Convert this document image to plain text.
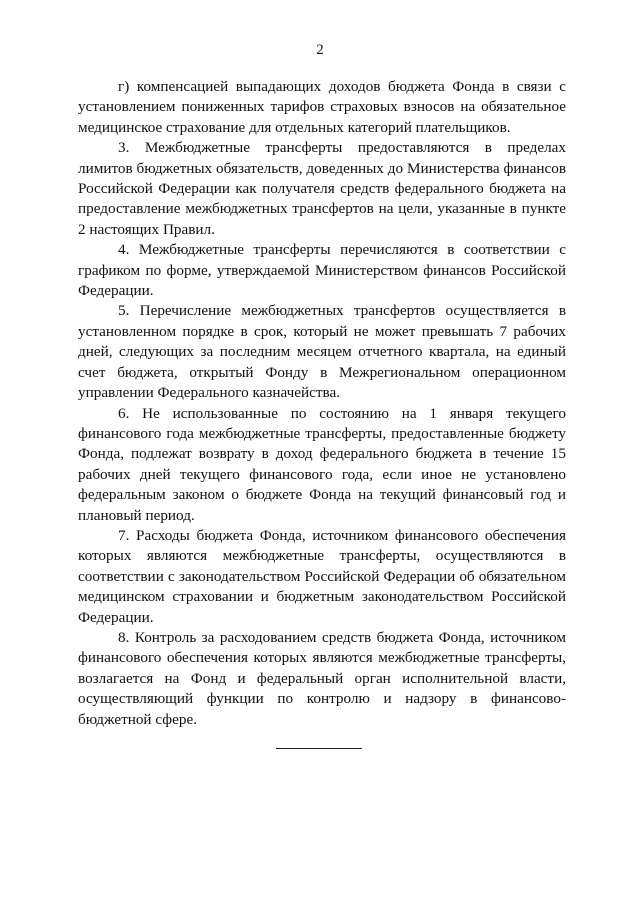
2

г) компенсацией выпадающих доходов бюджета Фонда в связи с установлением пониженных тарифов страховых взносов на обязательное медицинское страхование для отдельных категорий плательщиков.

3. Межбюджетные трансферты предоставляются в пределах лимитов бюджетных обязательств, доведенных до Министерства финансов Российской Федерации как получателя средств федерального бюджета на предоставление межбюджетных трансфертов на цели, указанные в пункте 2 настоящих Правил.

4. Межбюджетные трансферты перечисляются в соответствии с графиком по форме, утверждаемой Министерством финансов Российской Федерации.

5. Перечисление межбюджетных трансфертов осуществляется в установленном порядке в срок, который не может превышать 7 рабочих дней, следующих за последним месяцем отчетного квартала, на единый счет бюджета, открытый Фонду в Межрегиональном операционном управлении Федерального казначейства.

6. Не использованные по состоянию на 1 января текущего финансового года межбюджетные трансферты, предоставленные бюджету Фонда, подлежат возврату в доход федерального бюджета в течение 15 рабочих дней текущего финансового года, если иное не установлено федеральным законом о бюджете Фонда на текущий финансовый год и плановый период.

7. Расходы бюджета Фонда, источником финансового обеспечения которых являются межбюджетные трансферты, осуществляются в соответствии с законодательством Российской Федерации об обязательном медицинском страховании и бюджетным законодательством Российской Федерации.

8. Контроль за расходованием средств бюджета Фонда, источником финансового обеспечения которых являются межбюджетные трансферты, возлагается на Фонд и федеральный орган исполнительной власти, осуществляющий функции по контролю и надзору в финансово-бюджетной сфере.
